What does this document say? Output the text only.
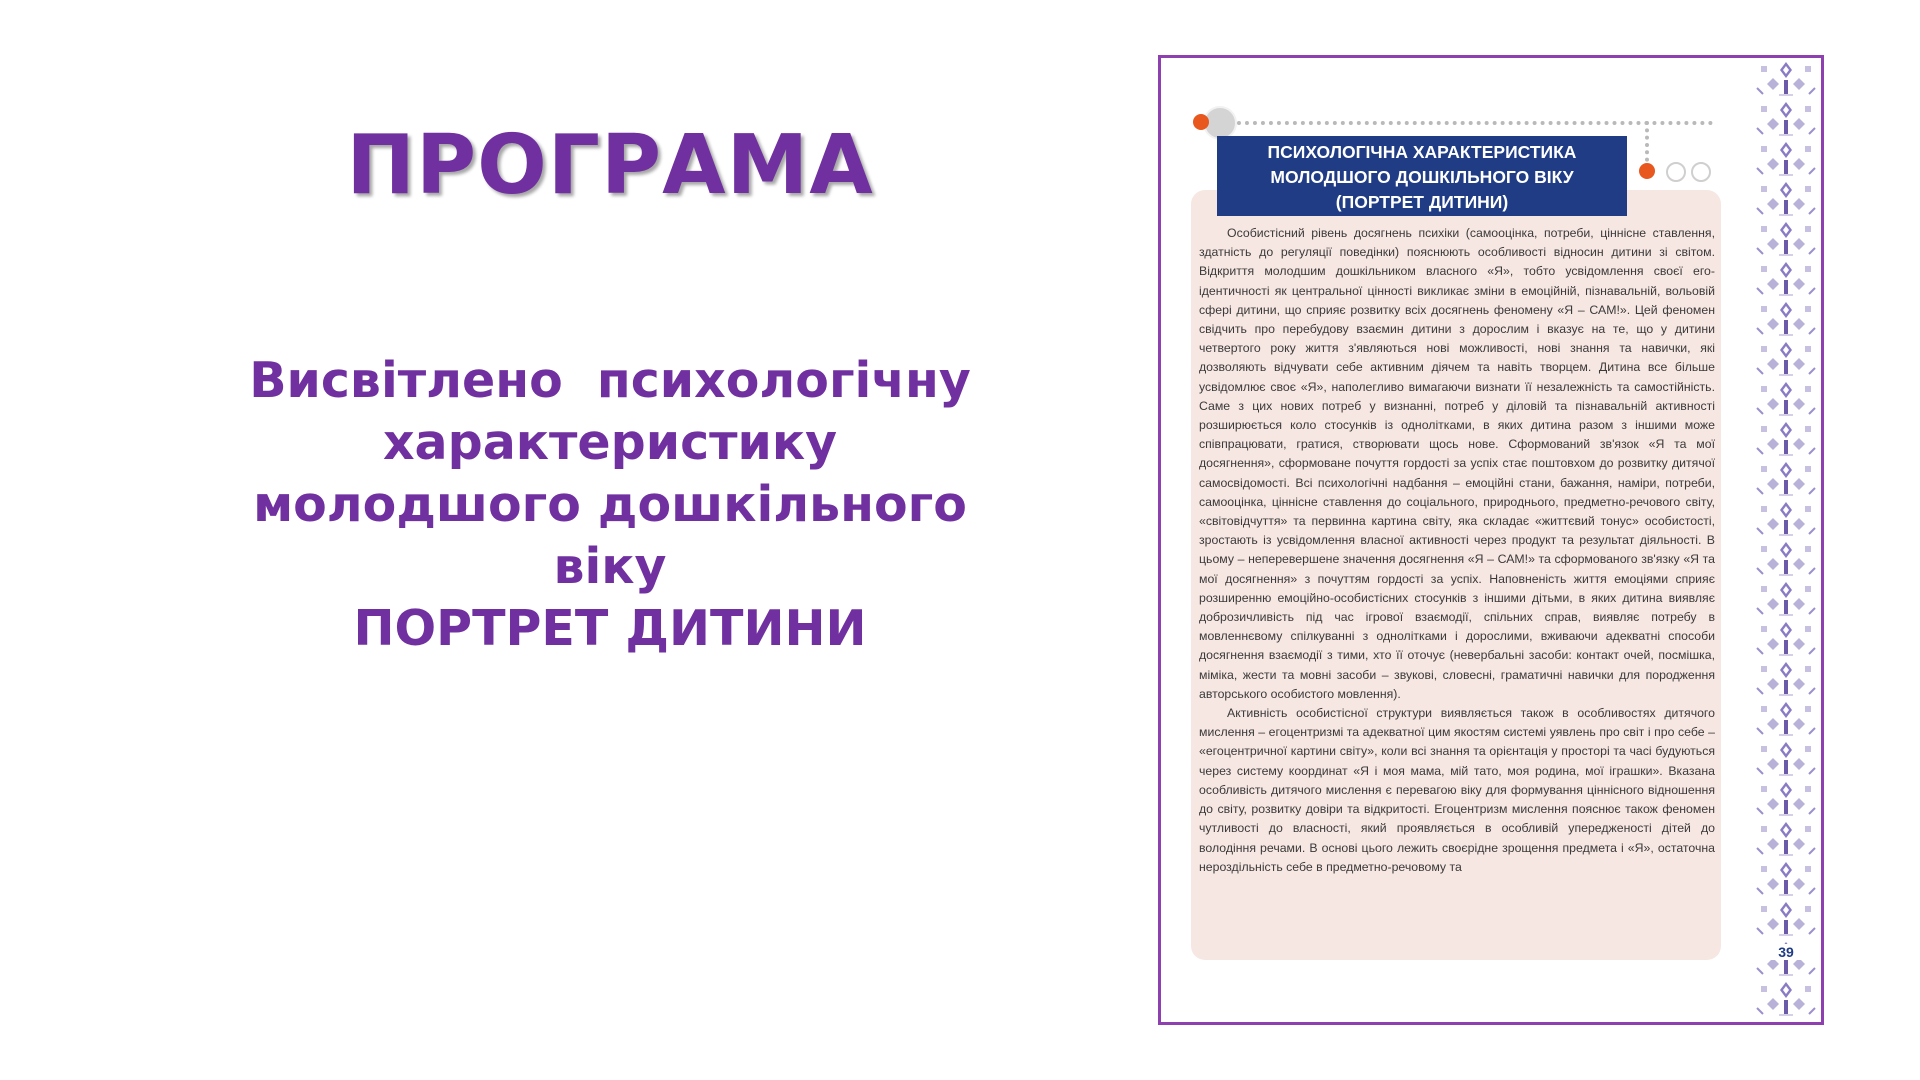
ПРОГРАМА
Висвітлено  психологічну
характеристику
молодшого дошкільного
віку
ПОРТРЕТ ДИТИНИ
ПСИХОЛОГІЧНА ХАРАКТЕРИСТИКА
МОЛОДШОГО ДОШКІЛЬНОГО ВІКУ
(ПОРТРЕТ ДИТИНИ)

Особистісний рівень досягнень психіки (самооцінка, потреби, ціннісне ставлення, здатність до регуляції поведінки) пояснюють особливості відносин дитини зі світом. Відкриття молодшим дошкільником власного «Я», тобто усвідомлення своєї его-ідентичності як центральної цінності викликає зміни в емоційній, пізнавальній, вольовій сфері дитини, що сприяє розвитку всіх досягнень феномену «Я – САМ!». Цей феномен свідчить про перебудову взаємин дитини з дорослим і вказує на те, що у дитини четвертого року життя з'являються нові можливості, нові знання та навички, які дозволяють відчувати себе активним діячем та навіть творцем. Дитина все більше усвідомлює своє «Я», наполегливо вимагаючи визнати її незалежність та самостійність. Саме з цих нових потреб у визнанні, потреб у діловій та пізнавальній активності розширюється коло стосунків із однолітками, в яких дитина разом з іншими може співпрацювати, гратися, створювати щось нове. Сформований зв'язок «Я та мої досягнення», сформоване почуття гордості за успіх стає поштовхом до розвитку дитячої самосвідомості. Всі психологічні надбання – емоційні стани, бажання, наміри, потреби, самооцінка, ціннісне ставлення до соціального, природнього, предметно-речового світу, «світовідчуття» та первинна картина світу, яка складає «життєвий тонус» особистості, зростають із усвідомлення власної активності через продукт та результат діяльності. В цьому – неперевершене значення досягнення «Я – САМ!» та сформованого зв'язку «Я та мої досягнення» з почуттям гордості за успіх. Наповненість життя емоціями сприяє розширенню емоційно-особистісних стосунків з іншими дітьми, в яких дитина виявляє доброзичливість під час ігрової взаємодії, спільних справ, виявляє потребу в мовленнєвому спілкуванні з однолітками і дорослими, вживаючи адекватні способи досягнення взаємодії з тими, хто її оточує (невербальні засоби: контакт очей, посмішка, міміка, жести та мовні засоби – звукові, словесні, граматичні навички для породження авторського особистого мовлення).

Активність особистісної структури виявляється також в особливостях дитячого мислення – егоцентризмі та адекватної цим якостям системі уявлень про світ і про себе – «егоцентричної картини світу», коли всі знання та орієнтація у просторі та часі будуються через систему координат «Я і моя мама, мій тато, моя родина, мої іграшки». Вказана особливість дитячого мислення є перевагою віку для формування ціннісного відношення до світу, розвитку довіри та відкритості. Егоцентризм мислення пояснює також феномен чутливості до власності, який проявляється в особливій упередженості дітей до володіння речами. В основі цього лежить своєрідне зрощення предмета і «Я», остаточна нероздільність себе в предметно-речовому та

39
